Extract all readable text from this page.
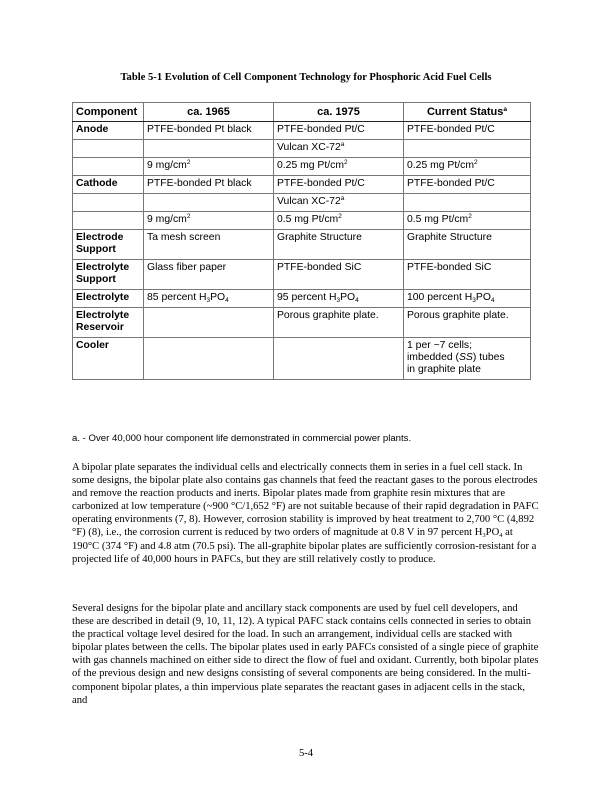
Table 5-1 Evolution of Cell Component Technology for Phosphoric Acid Fuel Cells
Component	ca. 1965	ca. 1975	Current Status$^a$
Anode	PTFE-bonded Pt black	PTFE-bonded Pt/C	PTFE-bonded Pt/C
		Vulcan XC-72$^a$	
	9 $mg/cm^2$	0.25 mg $Pt/cm^2$	0.25 mg $Pt/cm^2$
Cathode	PTFE-bonded Pt black	PTFE-bonded Pt/C	PTFE-bonded Pt/C
		Vulcan XC-72$^a$	
	9 $mg/cm^2$	0.5 mg $Pt/cm^2$	0.5 mg $Pt/cm^2$
Electrode Support	Ta mesh screen	Graphite Structure	Graphite Structure
Electrolyte Support	Glass fiber paper	PTFE-bonded SiC	PTFE-bonded SiC
Electrolyte	85 percent $H_3PO_4$	95 percent $H_3PO_4$	100 percent $H_3PO_4$
Electrolyte Reservoir		Porous graphite plate.	Porous graphite plate.
Cooler			1 per ~7 cells;
imbedded (SS) tubes
in graphite plate
a. - Over 40,000 hour component life demonstrated in commercial power plants.

A bipolar plate separates the individual cells and electrically connects them in series in a fuel cell stack. In some designs, the bipolar plate also contains gas channels that feed the reactant gases to the porous electrodes and remove the reaction products and inerts. Bipolar plates made from graphite resin mixtures that are carbonized at low temperature (~900 °C/1,652 °F) are not suitable because of their rapid degradation in PAFC operating environments (7, 8). However, corrosion stability is improved by heat treatment to 2,700 °C (4,892 °F) (8), i.e., the corrosion current is reduced by two orders of magnitude at 0.8 V in 97 percent $H_3PO_4$ at 190°C (374 °F) and 4.8 atm (70.5 psi). The all-graphite bipolar plates are sufficiently corrosion-resistant for a projected life of 40,000 hours in PAFCs, but they are still relatively costly to produce.

Several designs for the bipolar plate and ancillary stack components are used by fuel cell developers, and these are described in detail (9, 10, 11, 12). A typical PAFC stack contains cells connected in series to obtain the practical voltage level desired for the load. In such an arrangement, individual cells are stacked with bipolar plates between the cells. The bipolar plates used in early PAFCs consisted of a single piece of graphite with gas channels machined on either side to direct the flow of fuel and oxidant. Currently, both bipolar plates of the previous design and new designs consisting of several components are being considered. In the multi-component bipolar plates, a thin impervious plate separates the reactant gases in adjacent cells in the stack, and

5-4
